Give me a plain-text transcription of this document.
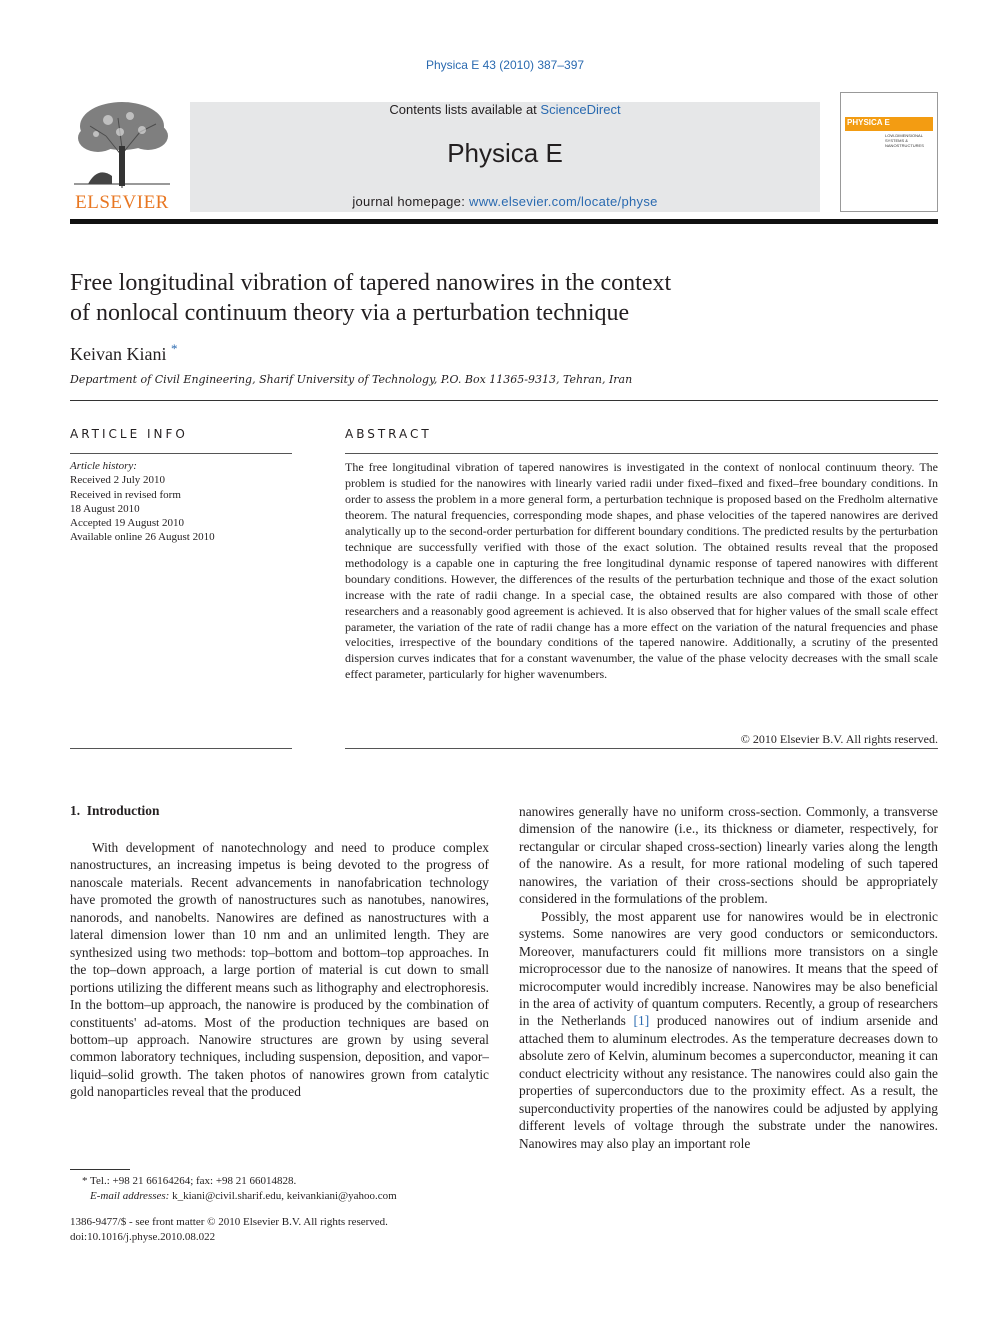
Physica E 43 (2010) 387–397
ELSEVIER
Contents lists available at ScienceDirect
Physica E
journal homepage: www.elsevier.com/locate/physe
PHYSICA E
LOW-DIMENSIONAL SYSTEMS & NANOSTRUCTURES
Free longitudinal vibration of tapered nanowires in the context
of nonlocal continuum theory via a perturbation technique
Keivan Kiani *
Department of Civil Engineering, Sharif University of Technology, P.O. Box 11365-9313, Tehran, Iran
ARTICLE INFO
Article history:
Received 2 July 2010
Received in revised form
18 August 2010
Accepted 19 August 2010
Available online 26 August 2010
ABSTRACT
The free longitudinal vibration of tapered nanowires is investigated in the context of nonlocal continuum theory. The problem is studied for the nanowires with linearly varied radii under fixed–fixed and fixed–free boundary conditions. In order to assess the problem in a more general form, a perturbation technique is proposed based on the Fredholm alternative theorem. The natural frequencies, corresponding mode shapes, and phase velocities of the tapered nanowires are derived analytically up to the second-order perturbation for different boundary conditions. The predicted results by the perturbation technique are successfully verified with those of the exact solution. The obtained results reveal that the proposed methodology is a capable one in capturing the free longitudinal dynamic response of tapered nanowires with different boundary conditions. However, the differences of the results of the perturbation technique and those of the exact solution increase with the rate of radii change. In a special case, the obtained results are also compared with those of other researchers and a reasonably good agreement is achieved. It is also observed that for higher values of the small scale effect parameter, the variation of the rate of radii change has a more effect on the variation of the natural frequencies and phase velocities, irrespective of the boundary conditions of the tapered nanowire. Additionally, a scrutiny of the presented dispersion curves indicates that for a constant wavenumber, the value of the phase velocity decreases with the small scale effect parameter, particularly for higher wavenumbers.
© 2010 Elsevier B.V. All rights reserved.
1.  Introduction

With development of nanotechnology and need to produce complex nanostructures, an increasing impetus is being devoted to the progress of nanoscale materials. Recent advancements in nanofabrication technology have promoted the growth of nanostructures such as nanotubes, nanowires, nanorods, and nanobelts. Nanowires are defined as nanostructures with a lateral dimension lower than 10 nm and an unlimited length. They are synthesized using two methods: top–bottom and bottom–top approaches. In the top–down approach, a large portion of material is cut down to small portions utilizing the different means such as lithography and electrophoresis. In the bottom–up approach, the nanowire is produced by the combination of constituents' ad-atoms. Most of the production techniques are based on bottom–up approach. Nanowire structures are grown by using several common laboratory techniques, including suspension, deposition, and vapor–liquid–solid growth. The taken photos of nanowires grown from catalytic gold nanoparticles reveal that the produced

nanowires generally have no uniform cross-section. Commonly, a transverse dimension of the nanowire (i.e., its thickness or diameter, respectively, for rectangular or circular shaped cross-section) linearly varies along the length of the nanowire. As a result, for more rational modeling of such tapered nanowires, the variation of their cross-sections should be appropriately considered in the formulations of the problem.

Possibly, the most apparent use for nanowires would be in electronic systems. Some nanowires are very good conductors or semiconductors. Moreover, manufacturers could fit millions more transistors on a single microprocessor due to the nanosize of nanowires. It means that the speed of microcomputer would incredibly increase. Nanowires may be also beneficial in the area of activity of quantum computers. Recently, a group of researchers in the Netherlands [1] produced nanowires out of indium arsenide and attached them to aluminum electrodes. As the temperature decreases down to absolute zero of Kelvin, aluminum becomes a superconductor, meaning it can conduct electricity without any resistance. The nanowires could also gain the properties of superconductors due to the proximity effect. As a result, the superconductivity properties of the nanowires could be adjusted by applying different levels of voltage through the substrate under the nanowires. Nanowires may also play an important role

* Tel.: +98 21 66164264; fax: +98 21 66014828.
E-mail addresses: k_kiani@civil.sharif.edu, keivankiani@yahoo.com
1386-9477/$ - see front matter © 2010 Elsevier B.V. All rights reserved.
doi:10.1016/j.physe.2010.08.022
